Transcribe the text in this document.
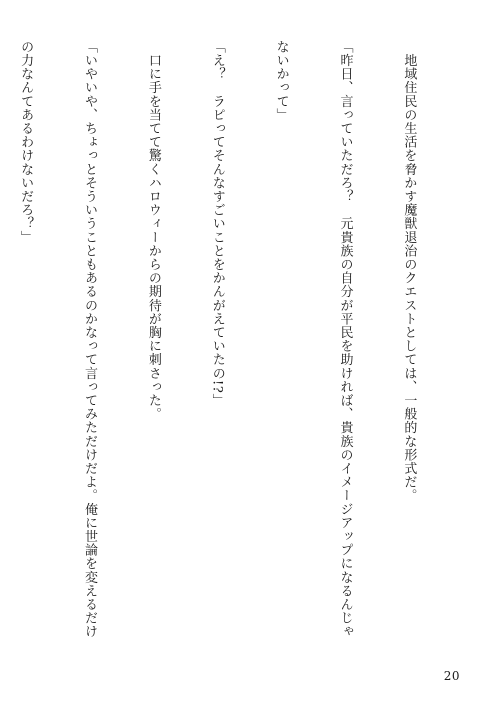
　地域住民の生活を脅かす魔獣退治のクエストとしては、一般的な形式だ。

「昨日、言っていただろ？　元貴族の自分が平民を助ければ、貴族のイメージアップになるんじゃ

ないかって」

「え？　ラピってそんなすごいことをかんがえていたの!?」

　口に手を当てて驚くハロウィーからの期待が胸に刺さった。

「いやいや、ちょっとそういうこともあるのかなって言ってみただけだよ。俺に世論を変えるだけ

の力なんてあるわけないだろ？」

20
